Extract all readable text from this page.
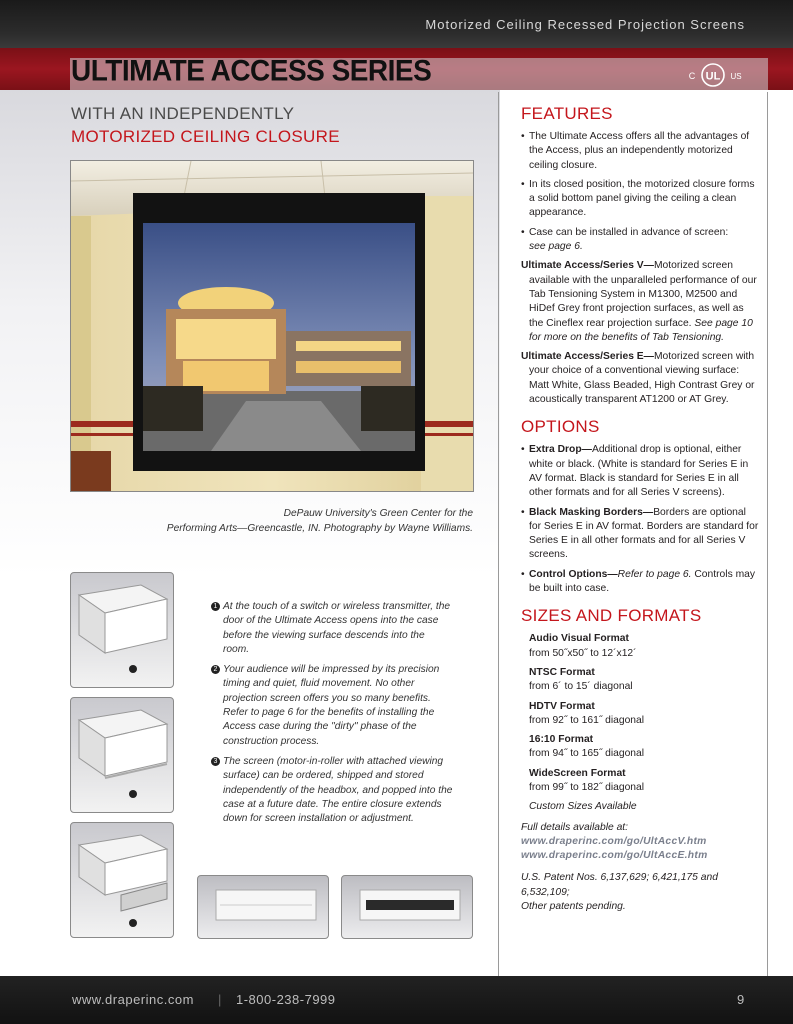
Motorized Ceiling Recessed Projection Screens
ULTIMATE ACCESS SERIES	UL
C	US
WITH AN INDEPENDENTLY
MOTORIZED CEILING CLOSURE
DePauw University's Green Center for the
Performing Arts—Greencastle, IN. Photography by Wayne Williams.
1 At the touch of a switch or wireless transmitter, the door of the Ultimate Access opens into the case before the viewing surface descends into the room.
2 Your audience will be impressed by its precision timing and quiet, fluid movement. No other projection screen offers you so many benefits. Refer to page 6 for the benefits of installing the Access case during the "dirty" phase of the construction process.
3 The screen (motor-in-roller with attached viewing surface) can be ordered, shipped and stored independently of the headbox, and popped into the case at a future date. The entire closure extends down for screen installation or adjustment.
FEATURES
• The Ultimate Access offers all the advantages of the Access, plus an independently motorized ceiling closure.
• In its closed position, the motorized closure forms a solid bottom panel giving the ceiling a clean appearance.
• Case can be installed in advance of screen:
see page 6.
Ultimate Access/Series V—Motorized screen available with the unparalleled performance of our Tab Tensioning System in M1300, M2500 and HiDef Grey front projection surfaces, as well as the Cineflex rear projection surface. See page 10 for more on the benefits of Tab Tensioning.
Ultimate Access/Series E—Motorized screen with your choice of a conventional viewing surface: Matt White, Glass Beaded, High Contrast Grey or acoustically transparent AT1200 or AT Grey.
OPTIONS
• Extra Drop—Additional drop is optional, either white or black. (White is standard for Series E in AV format. Black is standard for Series E in all other formats and for all Series V screens).
• Black Masking Borders—Borders are optional for Series E in AV format. Borders are standard for Series E in all other formats and for all Series V screens.
• Control Options—Refer to page 6. Controls may be built into case.
SIZES AND FORMATS
Audio Visual Format
from 50˝x50˝ to 12´x12´
NTSC Format
from 6´ to 15´ diagonal
HDTV Format
from 92˝ to 161˝ diagonal
16:10 Format
from 94˝ to 165˝ diagonal
WideScreen Format
from 99˝ to 182˝ diagonal
Custom Sizes Available
Full details available at:
www.draperinc.com/go/UltAccV.htm
www.draperinc.com/go/UltAccE.htm
U.S. Patent Nos. 6,137,629; 6,421,175 and 6,532,109;
Other patents pending.
www.draperinc.com | 1-800-238-7999	9
